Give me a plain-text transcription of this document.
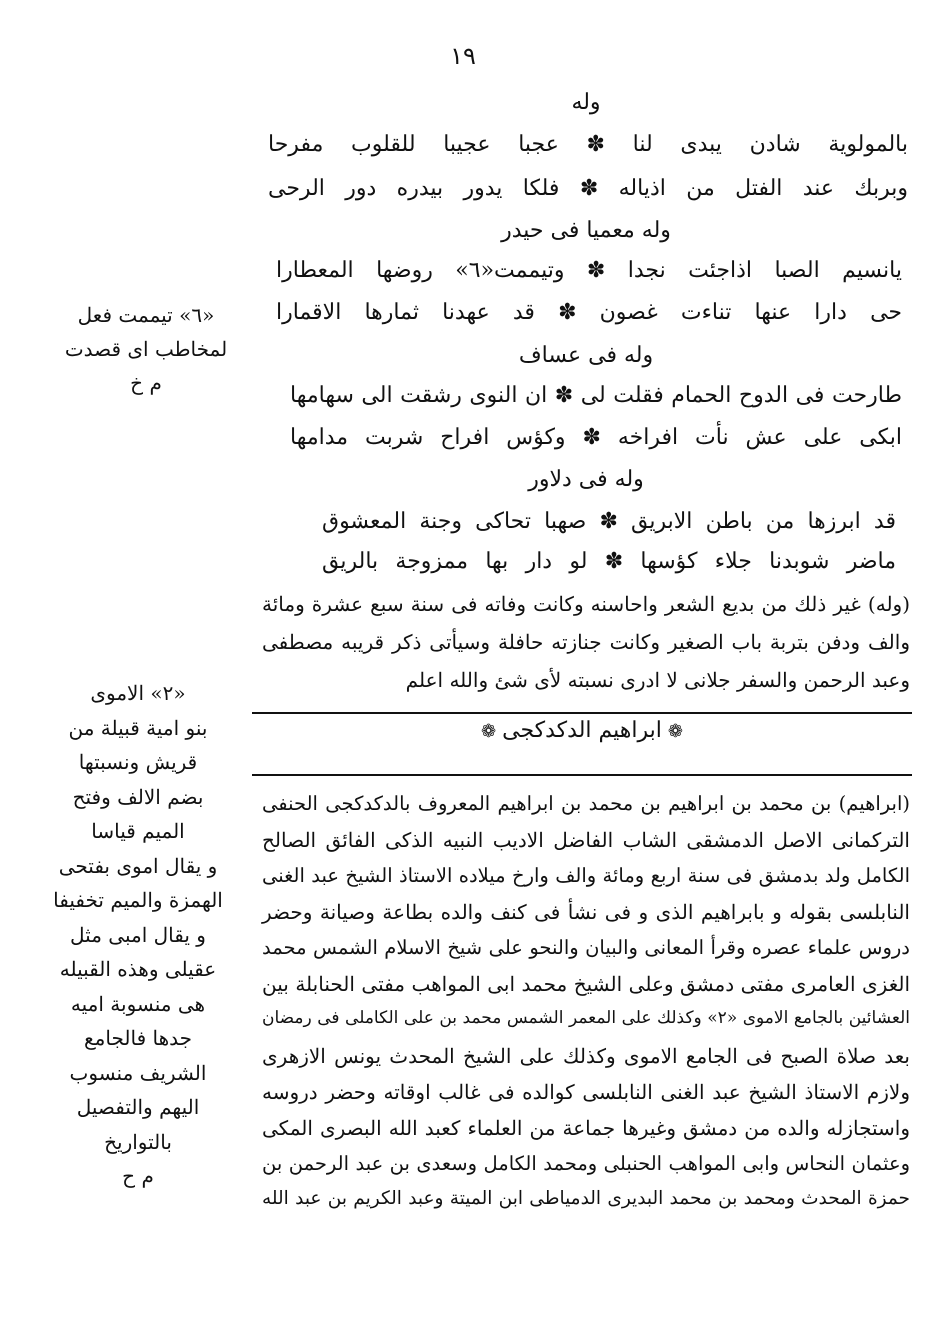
١٩
وله
بالمولوية شادن يبدى لنا ✽ عجبا عجيبا للقلوب مفرحا
وبربك عند الفتل من اذياله ✽ فلكا يدور بيدره دور الرحى
وله معميا فى حيدر
يانسيم الصبا اذاجئت نجدا ✽ وتيممت«٦» روضها المعطارا
حى دارا عنها تناءت غصون ✽ قد عهدنا ثمارها الاقمارا
وله فى عساف
طارحت فى الدوح الحمام فقلت لى ✽ ان النوى رشقت الى سهامها
ابكى على عش نأت افراخه ✽ وكؤس افراح شربت مدامها
وله فى دلاور
قد ابرزها من باطن الابريق ✽ صهبا تحاكى وجنة المعشوق
ماضر شوبدنا جلاء كؤسها ✽ لو دار بها ممزوجة بالريق
(وله) غير ذلك من بديع الشعر واحاسنه وكانت وفاته فى سنة سبع عشرة ومائة
والف ودفن بتربة باب الصغير وكانت جنازته حافلة وسيأتى ذكر قريبه مصطفى
وعبد الرحمن والسفر جلانى لا ادرى نسبته لأى شئ والله اعلم
❁ابراهيم الدكدكجى❁
(ابراهيم) بن محمد بن ابراهيم بن محمد بن ابراهيم المعروف بالدكدكجى الحنفى
التركمانى الاصل الدمشقى الشاب الفاضل الاديب النبيه الذكى الفائق الصالح
الكامل ولد بدمشق فى سنة اربع ومائة والف وارخ ميلاده الاستاذ الشيخ عبد الغنى
النابلسى بقوله و بابراهيم الذى و فى نشأ فى كنف والده بطاعة وصيانة وحضر
دروس علماء عصره وقرأ المعانى والبيان والنحو على شيخ الاسلام الشمس محمد
الغزى العامرى مفتى دمشق وعلى الشيخ محمد ابى المواهب مفتى الحنابلة بين
العشائين بالجامع الاموى «٢» وكذلك على المعمر الشمس محمد بن على الكاملى فى رمضان
بعد صلاة الصبح فى الجامع الاموى وكذلك على الشيخ المحدث يونس الازهرى
ولازم الاستاذ الشيخ عبد الغنى النابلسى كوالده فى غالب اوقاته وحضر دروسه
واستجازله والده من دمشق وغيرها جماعة من العلماء كعبد الله البصرى المكى
وعثمان النحاس وابى المواهب الحنبلى ومحمد الكامل وسعدى بن عبد الرحمن بن
حمزة المحدث ومحمد بن محمد البديرى الدمياطى ابن الميتة وعبد الكريم بن عبد الله
«٦» تيممت فعل
لمخاطب اى قصدت
م خ
«٢» الاموى
بنو امية قبيلة من
قريش ونسبتها
بضم الالف وفتح
الميم قياسا
و يقال اموى بفتحى
الهمزة والميم تخفيفا
و يقال امبى مثل
عقيلى وهذه القبيله
هى منسوبة اميه
جدها فالجامع
الشريف منسوب
اليهم والتفصيل
بالتواريخ
م ح
